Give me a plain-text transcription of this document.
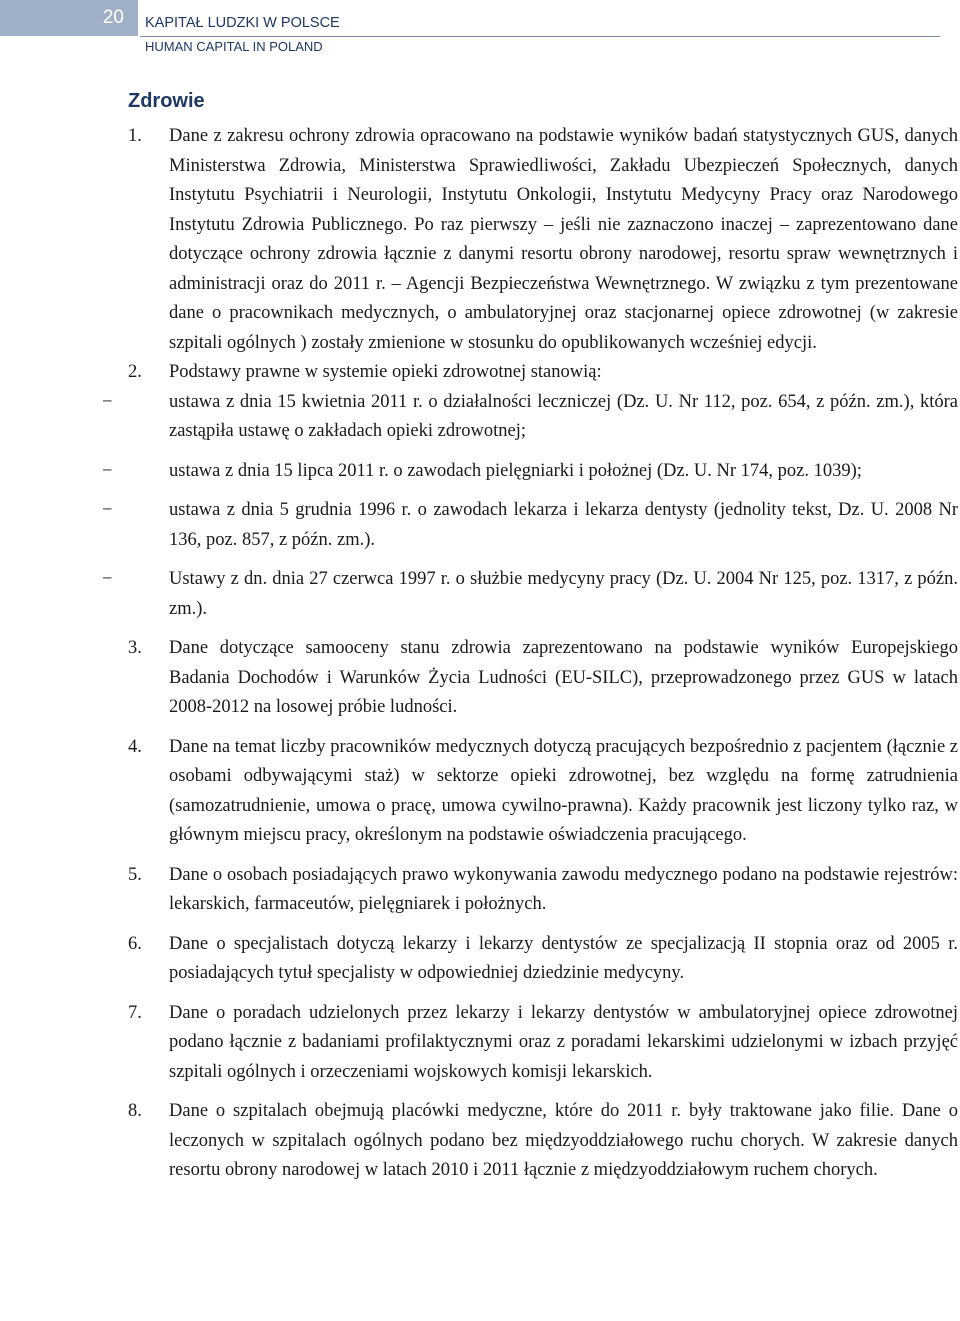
20 KAPITAŁ LUDZKI W POLSCE
HUMAN CAPITAL IN POLAND
Zdrowie
1. Dane z zakresu ochrony zdrowia opracowano na podstawie wyników badań statystycznych GUS, danych Ministerstwa Zdrowia, Ministerstwa Sprawiedliwości, Zakładu Ubezpieczeń Społecznych, danych Instytutu Psychiatrii i Neurologii, Instytutu Onkologii, Instytutu Medycyny Pracy oraz Narodowego Instytutu Zdrowia Publicznego. Po raz pierwszy – jeśli nie zaznaczono inaczej – zaprezentowano dane dotyczące ochrony zdrowia łącznie z danymi resortu obrony narodowej, resortu spraw wewnętrznych i administracji oraz do 2011 r. – Agencji Bezpieczeństwa Wewnętrznego. W związku z tym prezentowane dane o pracownikach medycznych, o ambulatoryjnej oraz stacjonarnej opiece zdrowotnej (w zakresie szpitali ogólnych ) zostały zmienione w stosunku do opublikowanych wcześniej edycji.

2. Podstawy prawne w systemie opieki zdrowotnej stanowią:

−	ustawa z dnia 15 kwietnia 2011 r. o działalności leczniczej (Dz. U. Nr 112, poz. 654, z późn. zm.), która zastąpiła ustawę o zakładach opieki zdrowotnej;

−	ustawa z dnia 15 lipca 2011 r. o zawodach pielęgniarki i położnej (Dz. U. Nr 174, poz. 1039);

−	ustawa z dnia 5 grudnia 1996 r. o zawodach lekarza i lekarza dentysty (jednolity tekst, Dz. U. 2008 Nr 136, poz. 857, z późn. zm.).

−	Ustawy z dn. dnia 27 czerwca 1997 r. o służbie medycyny pracy (Dz. U. 2004 Nr 125, poz. 1317, z późn. zm.).

3. Dane dotyczące samooceny stanu zdrowia zaprezentowano na podstawie wyników Europejskiego Badania Dochodów i Warunków Życia Ludności (EU-SILC), przeprowadzonego przez GUS w latach 2008-2012 na losowej próbie ludności.

4. Dane na temat liczby pracowników medycznych dotyczą pracujących bezpośrednio z pacjentem (łącznie z osobami odbywającymi staż) w sektorze opieki zdrowotnej, bez względu na formę zatrudnienia (samozatrudnienie, umowa o pracę, umowa cywilno-prawna). Każdy pracownik jest liczony tylko raz, w głównym miejscu pracy, określonym na podstawie oświadczenia pracującego.

5. Dane o osobach posiadających prawo wykonywania zawodu medycznego podano na podstawie rejestrów: lekarskich, farmaceutów, pielęgniarek i położnych.

6. Dane o specjalistach dotyczą lekarzy i lekarzy dentystów ze specjalizacją II stopnia oraz od 2005 r. posiadających tytuł specjalisty w odpowiedniej dziedzinie medycyny.

7. Dane o poradach udzielonych przez lekarzy i lekarzy dentystów w ambulatoryjnej opiece zdrowotnej podano łącznie z badaniami profilaktycznymi oraz z poradami lekarskimi udzielonymi w izbach przyjęć szpitali ogólnych i orzeczeniami wojskowych komisji lekarskich.

8. Dane o szpitalach obejmują placówki medyczne, które do 2011 r. były traktowane jako filie. Dane o leczonych w szpitalach ogólnych podano bez międzyoddziałowego ruchu chorych. W zakresie danych resortu obrony narodowej w latach 2010 i 2011 łącznie z międzyoddziałowym ruchem chorych.
